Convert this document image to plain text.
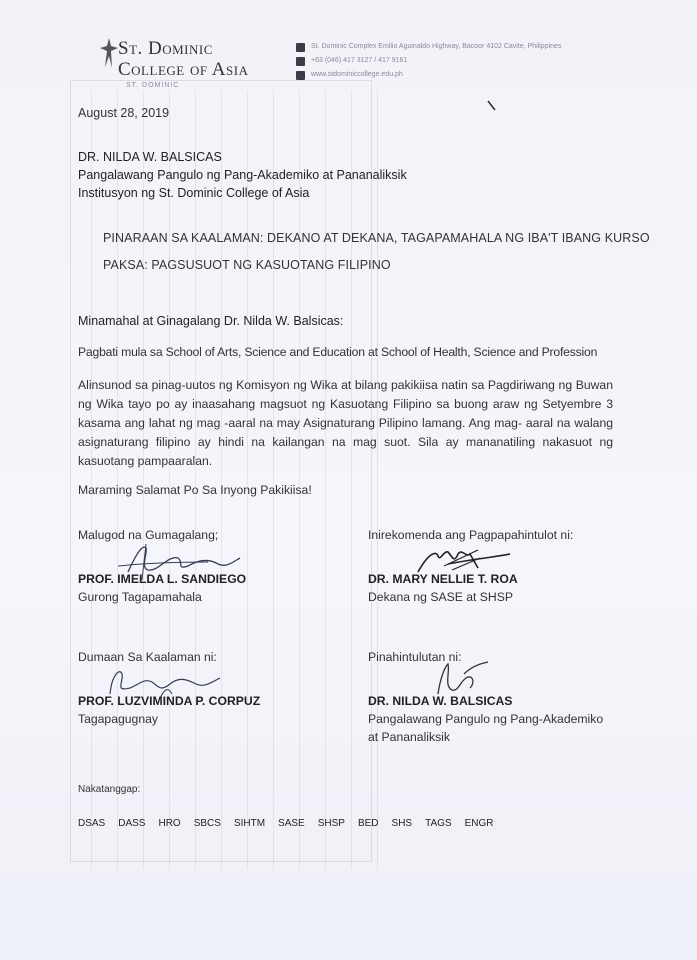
St. Dominic
College of Asia
ST. DOMINIC
St. Dominic Complex Emilio Aguinaldo Highway, Bacoor 4102 Cavite, Philippines
+63 (046) 417 3127 / 417 9161
www.stdominiccollege.edu.ph
August 28, 2019
DR. NILDA W. BALSICAS
Pangalawang Pangulo ng Pang-Akademiko at Pananaliksik
Institusyon ng St. Dominic College of Asia
PINARAAN SA KAALAMAN: DEKANO AT DEKANA, TAGAPAMAHALA NG IBA'T IBANG KURSO
PAKSA: PAGSUSUOT NG KASUOTANG FILIPINO
Minamahal at Ginagalang Dr. Nilda W. Balsicas:
Pagbati mula sa School of Arts, Science and Education at School of Health, Science and Profession
Alinsunod sa pinag-uutos ng Komisyon ng Wika at bilang pakikiisa natin sa Pagdiriwang ng Buwan
ng Wika tayo po ay inaasahang magsuot ng Kasuotang Filipino sa buong araw ng Setyembre 3
kasama ang lahat ng mag -aaral na may Asignaturang Pilipino lamang. Ang mag- aaral na walang
asignaturang filipino ay hindi na kailangan na mag suot. Sila ay mananatiling nakasuot ng
kasuotang pampaaralan.
Maraming Salamat Po Sa Inyong Pakikiisa!
Malugod na Gumagalang;	Inirekomenda ang Pagpapahintulot ni:
PROF. IMELDA L. SANDIEGO
Gurong Tagapamahala
DR. MARY NELLIE T. ROA
Dekana ng SASE at SHSP
Dumaan Sa Kaalaman ni:	Pinahintulutan ni:
PROF. LUZVIMINDA P. CORPUZ
Tagapagugnay
DR. NILDA W. BALSICAS
Pangalawang Pangulo ng Pang-Akademiko
at Pananaliksik
Nakatanggap:
DSAS DASS HRO SBCS SIHTM SASE SHSP BED SHS TAGS ENGR
